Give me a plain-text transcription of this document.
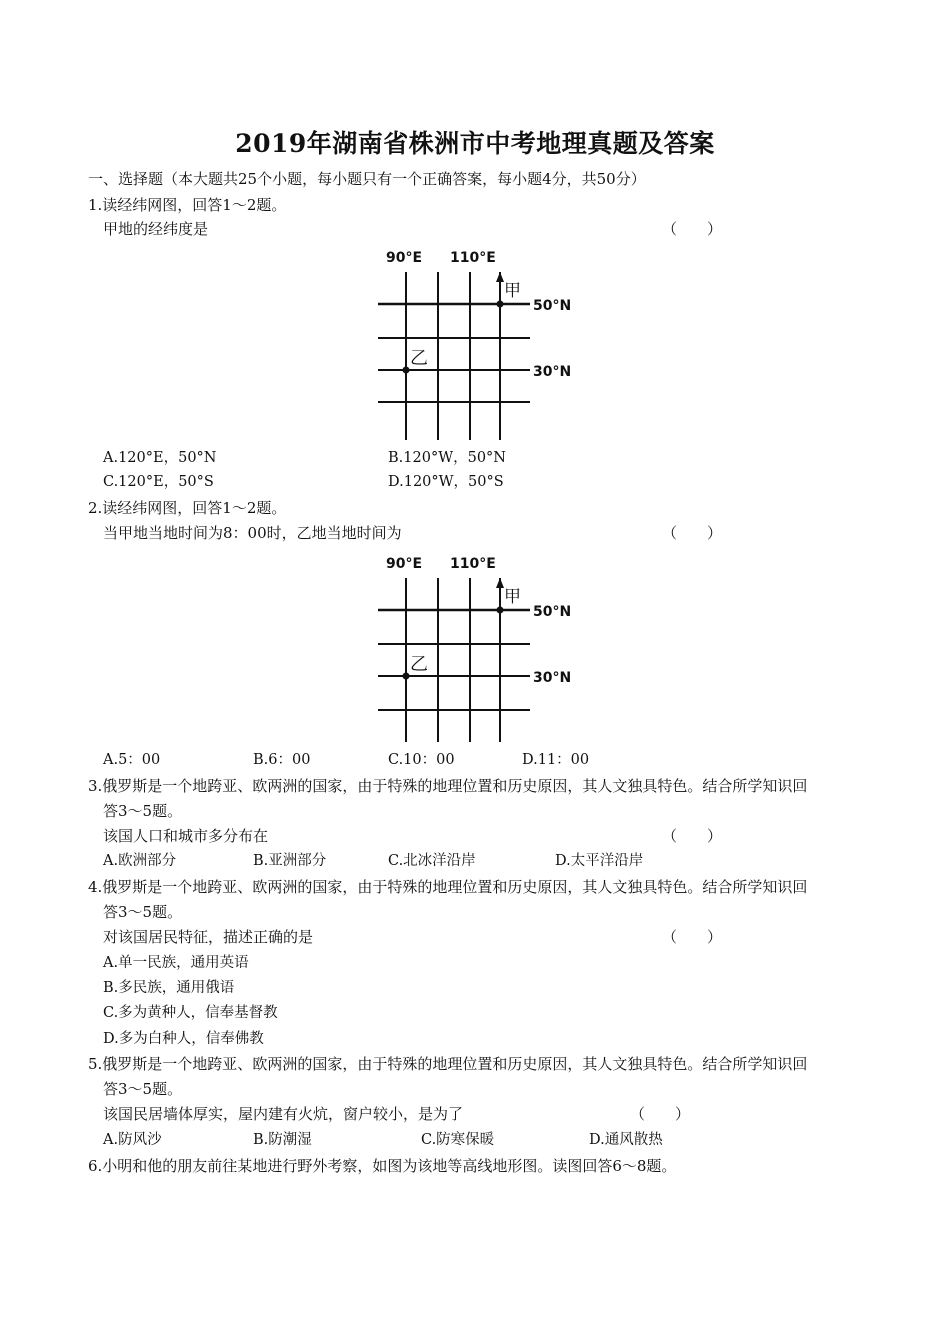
2019年湖南省株洲市中考地理真题及答案
一、选择题（本大题共25个小题，每小题只有一个正确答案，每小题4分，共50分）
1.读经纬网图，回答1～2题。
甲地的经纬度是	（　　）
90°E 110°E
甲
乙
50°N
30°N
A.120°E，50°N	B.120°W，50°N
C.120°E，50°S	D.120°W，50°S
2.读经纬网图，回答1～2题。
当甲地当地时间为8：00时，乙地当地时间为	（　　）
90°E 110°E
甲
乙
50°N
30°N
A.5：00	B.6：00	C.10：00	D.11：00
3.俄罗斯是一个地跨亚、欧两洲的国家，由于特殊的地理位置和历史原因，其人文独具特色。结合所学知识回
答3～5题。
该国人口和城市多分布在	（　　）
A.欧洲部分	B.亚洲部分	C.北冰洋沿岸	D.太平洋沿岸
4.俄罗斯是一个地跨亚、欧两洲的国家，由于特殊的地理位置和历史原因，其人文独具特色。结合所学知识回
答3～5题。
对该国居民特征，描述正确的是	（　　）
A.单一民族，通用英语
B.多民族，通用俄语
C.多为黄种人，信奉基督教
D.多为白种人，信奉佛教
5.俄罗斯是一个地跨亚、欧两洲的国家，由于特殊的地理位置和历史原因，其人文独具特色。结合所学知识回
答3～5题。
该国民居墙体厚实，屋内建有火炕，窗户较小，是为了	（　　）
A.防风沙	B.防潮湿	C.防寒保暖	D.通风散热
6.小明和他的朋友前往某地进行野外考察，如图为该地等高线地形图。读图回答6～8题。
